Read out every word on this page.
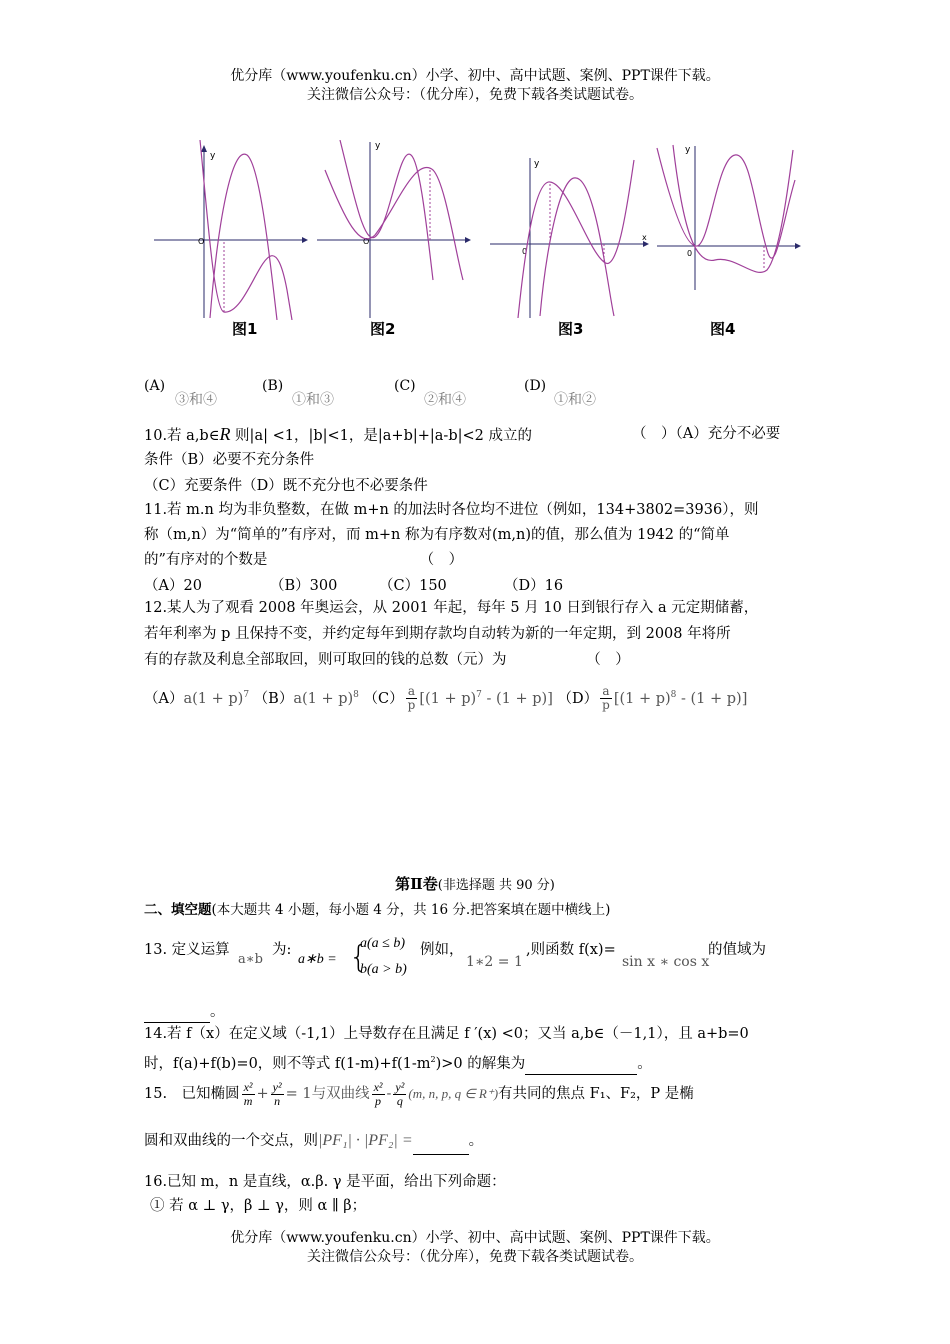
优分库（www.youfenku.cn）小学、初中、高中试题、案例、PPT课件下载。
关注微信公众号：（优分库），免费下载各类试题试卷。
y
O
图1
y
O
图2
y
0
x
图3
y
0
图4
(A)
③和④
(B)
①和③
(C)
②和④
(D)
①和②
10.若 a,b∈R 则|a| <1，|b|<1，是|a+b|+|a-b|<2 成立的	（　）（A）充分不必要
条件（B）必要不充分条件
（C）充要条件（D）既不充分也不必要条件
11.若 m.n 均为非负整数，在做 m+n 的加法时各位均不进位（例如，134+3802=3936），则
称（m,n）为“简单的”有序对，而 m+n 称为有序数对(m,n)的值，那么值为 1942 的“简单
的”有序对的个数是　　　　　　　　　　　（　）
（A）20	（B）300	（C）150	（D）16
12.某人为了观看 2008 年奥运会，从 2001 年起，每年 5 月 10 日到银行存入 a 元定期储蓄，
若年利率为 p 且保持不变，并约定每年到期存款均自动转为新的一年定期，到 2008 年将所
有的存款及利息全部取回，则可取回的钱的总数（元）为　　　　　　（　）
$(A)a(1 + p)^7$ $(B)a(1 + p)^8$ $(C) \frac{a}{p} [(1 + p)^7 - (1 + p)]$ $(D) \frac{a}{p} [(1 + p)^8 - (1 + p)]$
第Ⅱ卷(非选择题 共 90 分)
二、填空题(本大题共 4 小题，每小题 4 分，共 16 分.把答案填在题中横线上)
13. 定义运算
a∗b
为:
a∗b = {
a(a ≤ b)
b(a > b)
例如，
1∗2 = 1
,则函数 f(x)=
sin x ∗ cos x
的值域为
。
14.若 f（x）在定义域（-1,1）上导数存在且满足 f ′(x) <0；又当 a,b∈（－1,1），且 a+b=0
时，f(a)+f(b)=0，则不等式 $f(1-m)+f(1-m^2)>0$ 的解集为	。
15.　已知椭圆 $\frac{\text{x²}}{m} + \frac{\text{y²}}{n} = 1$与双曲线 $\frac{\text{x²}}{p} - \frac{\text{y²}}{q} (m$, n, p, q ∈ R⁺)有共同的焦点 F₁、F₂，P 是椭
圆和双曲线的一个交点，则|PF₁| · |PF₂| =	。
16.已知 m，n 是直线，α.β. γ 是平面，给出下列命题：
① 若 α ⊥ γ，β ⊥ γ，则 α ∥ β；
优分库（www.youfenku.cn）小学、初中、高中试题、案例、PPT课件下载。
关注微信公众号：（优分库），免费下载各类试题试卷。
